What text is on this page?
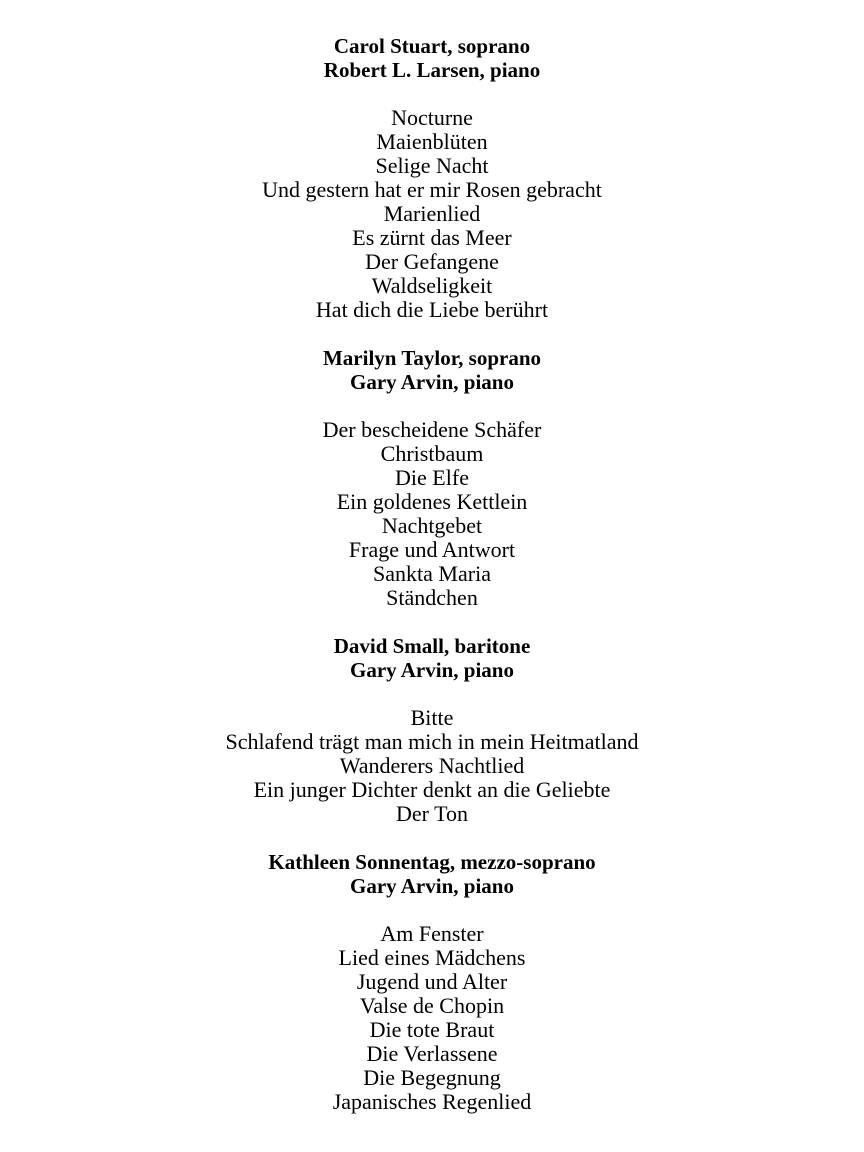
Carol Stuart, soprano
Robert L. Larsen, piano
Nocturne
Maienblüten
Selige Nacht
Und gestern hat er mir Rosen gebracht
Marienlied
Es zürnt das Meer
Der Gefangene
Waldseligkeit
Hat dich die Liebe berührt
Marilyn Taylor, soprano
Gary Arvin, piano
Der bescheidene Schäfer
Christbaum
Die Elfe
Ein goldenes Kettlein
Nachtgebet
Frage und Antwort
Sankta Maria
Ständchen
David Small, baritone
Gary Arvin, piano
Bitte
Schlafend trägt man mich in mein Heitmatland
Wanderers Nachtlied
Ein junger Dichter denkt an die Geliebte
Der Ton
Kathleen Sonnentag, mezzo-soprano
Gary Arvin, piano
Am Fenster
Lied eines Mädchens
Jugend und Alter
Valse de Chopin
Die tote Braut
Die Verlassene
Die Begegnung
Japanisches Regenlied
